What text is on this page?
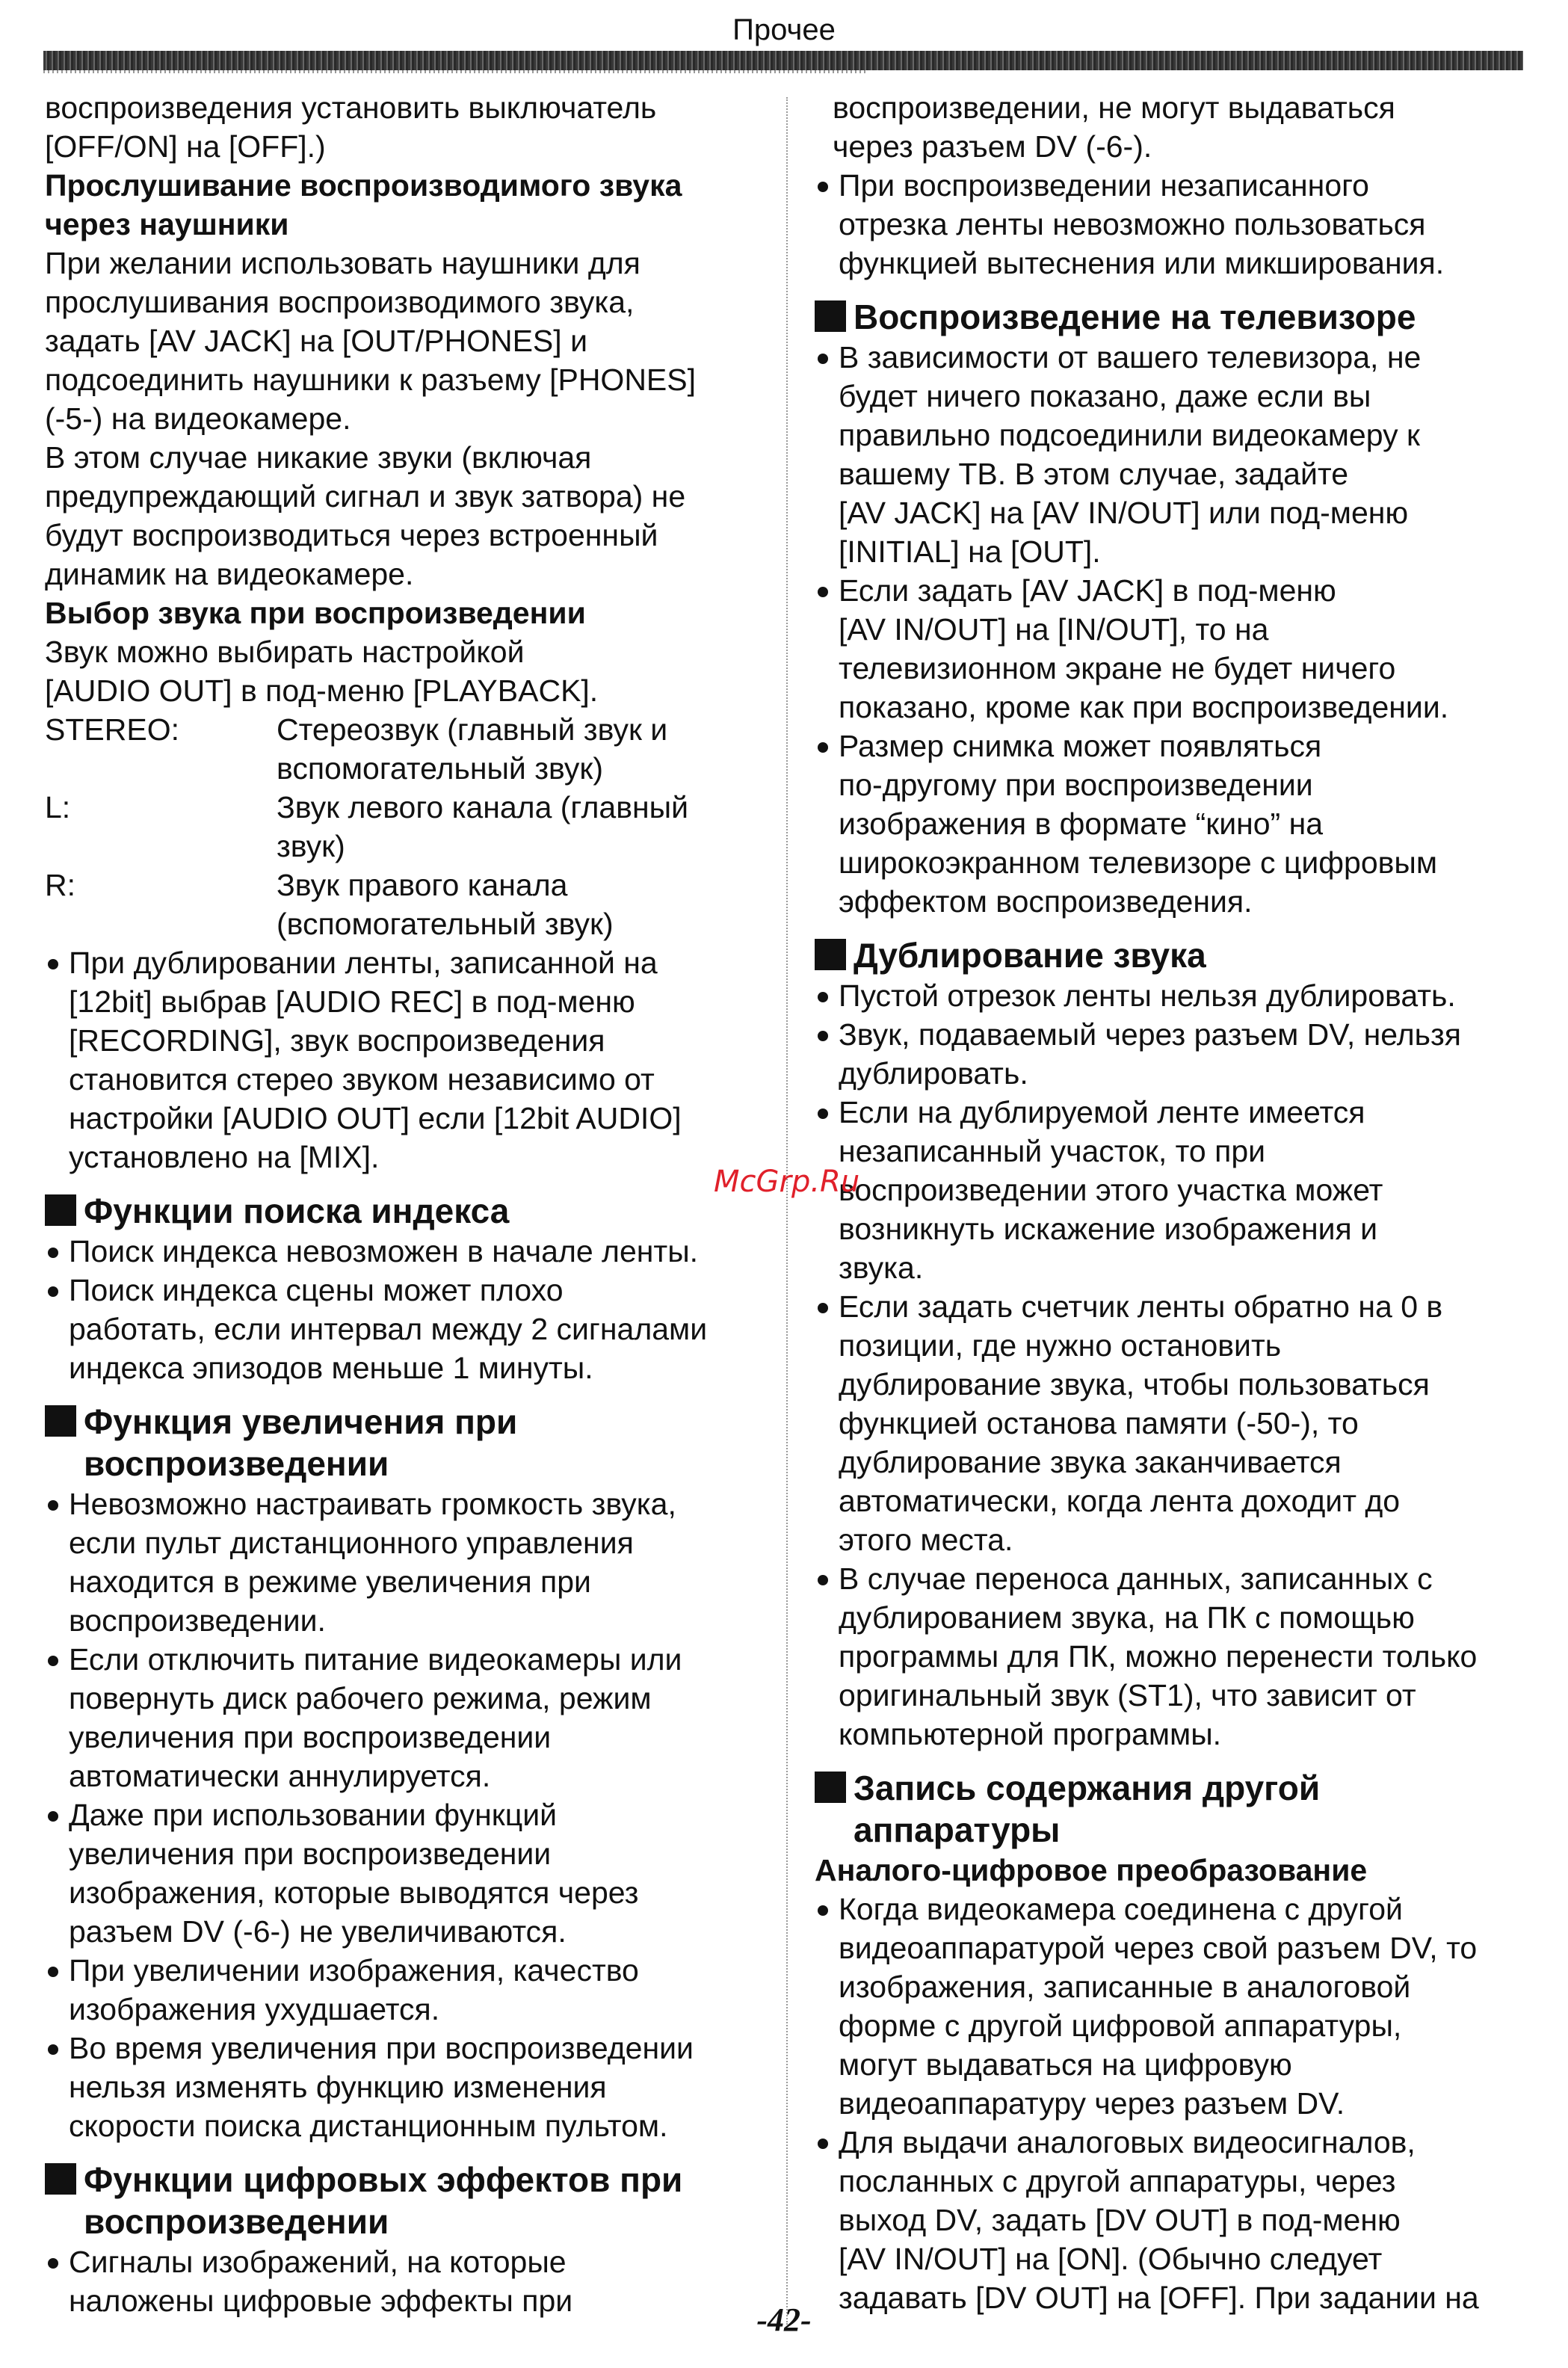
Прочее

воспроизведения установить выключатель
[OFF/ON] на [OFF].)

Прослушивание воспроизводимого звука
через наушники

При желании использовать наушники для
прослушивания воспроизводимого звука,
задать [AV JACK] на [OUT/PHONES] и
подсоединить наушники к разъему [PHONES]
(-5-) на видеокамере.
В этом случае никакие звуки (включая
предупреждающий сигнал и звук затвора) не
будут воспроизводиться через встроенный
динамик на видеокамере.

Выбор звука при воспроизведении

Звук можно выбирать настройкой
[AUDIO OUT] в под-меню [PLAYBACK].

STEREO:	Стереозвук (главный звук и
вспомогательный звук)

L:	Звук левого канала (главный
звук)

R:	Звук правого канала
(вспомогательный звук)

При дублировании ленты, записанной на
[12bit] выбрав [AUDIO REC] в под-меню
[RECORDING], звук воспроизведения
становится стерео звуком независимо от
настройки [AUDIO OUT] если [12bit AUDIO]
установлено на [MIX].

Функции поиска индекса

Поиск индекса невозможен в начале ленты.

Поиск индекса сцены может плохо
работать, если интервал между 2 сигналами
индекса эпизодов меньше 1 минуты.

Функция увеличения при
воспроизведении

Невозможно настраивать громкость звука,
если пульт дистанционного управления
находится в режиме увеличения при
воспроизведении.

Если отключить питание видеокамеры или
повернуть диск рабочего режима, режим
увеличения при воспроизведении
автоматически аннулируется.

Даже при использовании функций
увеличения при воспроизведении
изображения, которые выводятся через
разъем DV (-6-) не увеличиваются.

При увеличении изображения, качество
изображения ухудшается.

Во время увеличения при воспроизведении
нельзя изменять функцию изменения
скорости поиска дистанционным пультом.

Функции цифровых эффектов при
воспроизведении

Сигналы изображений, на которые
наложены цифровые эффекты при

воспроизведении, не могут выдаваться
через разъем DV (-6-).

При воспроизведении незаписанного
отрезка ленты невозможно пользоваться
функцией вытеснения или микширования.

Воспроизведение на телевизоре

В зависимости от вашего телевизора, не
будет ничего показано, даже если вы
правильно подсоединили видеокамеру к
вашему ТВ. В этом случае, задайте
[AV JACK] на [AV IN/OUT] или под-меню
[INITIAL] на [OUT].

Если задать [AV JACK] в под-меню
[AV IN/OUT] на [IN/OUT], то на
телевизионном экране не будет ничего
показано, кроме как при воспроизведении.

Размер снимка может появляться
по-другому при воспроизведении
изображения в формате “кино” на
широкоэкранном телевизоре с цифровым
эффектом воспроизведения.

Дублирование звука

Пустой отрезок ленты нельзя дублировать.

Звук, подаваемый через разъем DV, нельзя
дублировать.

Если на дублируемой ленте имеется
незаписанный участок, то при
воспроизведении этого участка может
возникнуть искажение изображения и
звука.

Если задать счетчик ленты обратно на 0 в
позиции, где нужно остановить
дублирование звука, чтобы пользоваться
функцией останова памяти (-50-), то
дублирование звука заканчивается
автоматически, когда лента доходит до
этого места.

В случае переноса данных, записанных с
дублированием звука, на ПК с помощью
программы для ПК, можно перенести только
оригинальный звук (ST1), что зависит от
компьютерной программы.

Запись содержания другой
аппаратуры

Аналого-цифровое преобразование

Когда видеокамера соединена с другой
видеоаппаратурой через свой разъем DV, то
изображения, записанные в аналоговой
форме с другой цифровой аппаратуры,
могут выдаваться на цифровую
видеоаппаратуру через разъем DV.

Для выдачи аналоговых видеосигналов,
посланных с другой аппаратуры, через
выход DV, задать [DV OUT] в под-меню
[AV IN/OUT] на [ON]. (Обычно следует
задавать [DV OUT] на [OFF]. При задании на

McGrp.Ru
-42-
